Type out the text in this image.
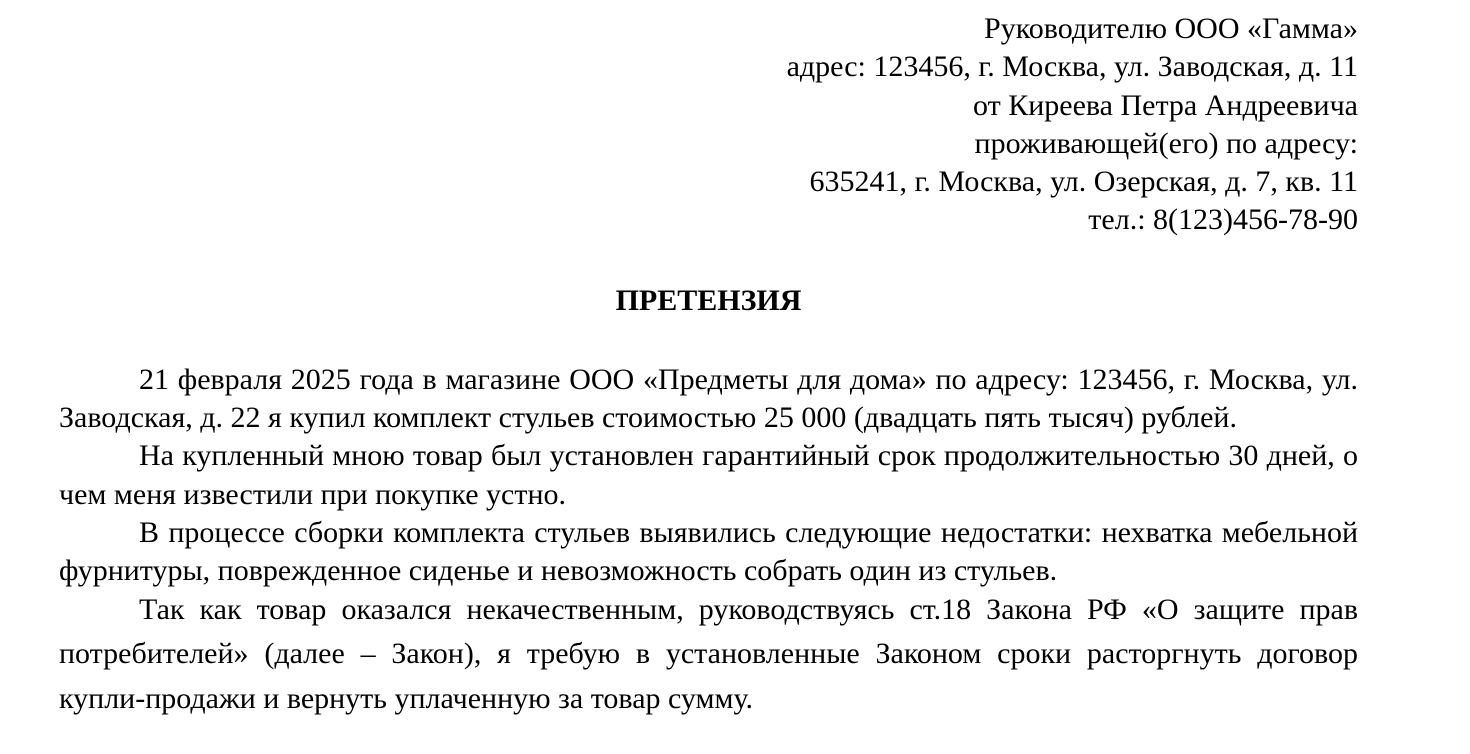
Руководителю ООО «Гамма»
адрес: 123456, г. Москва, ул. Заводская, д. 11
от Киреева Петра Андреевича
проживающей(его) по адресу:
635241, г. Москва, ул. Озерская, д. 7, кв. 11
тел.: 8(123)456-78-90
ПРЕТЕНЗИЯ

21 февраля 2025 года в магазине ООО «Предметы для дома» по адресу: 123456, г. Москва, ул. Заводская, д. 22 я купил комплект стульев стоимостью 25 000 (двадцать пять тысяч) рублей.

На купленный мною товар был установлен гарантийный срок продолжительностью 30 дней, о чем меня известили при покупке устно.

В процессе сборки комплекта стульев выявились следующие недостатки: нехватка мебельной фурнитуры, поврежденное сиденье и невозможность собрать один из стульев.

Так как товар оказался некачественным, руководствуясь ст.18 Закона РФ «О защите прав потребителей» (далее – Закон), я требую в установленные Законом сроки расторгнуть договор купли-продажи и вернуть уплаченную за товар сумму.
